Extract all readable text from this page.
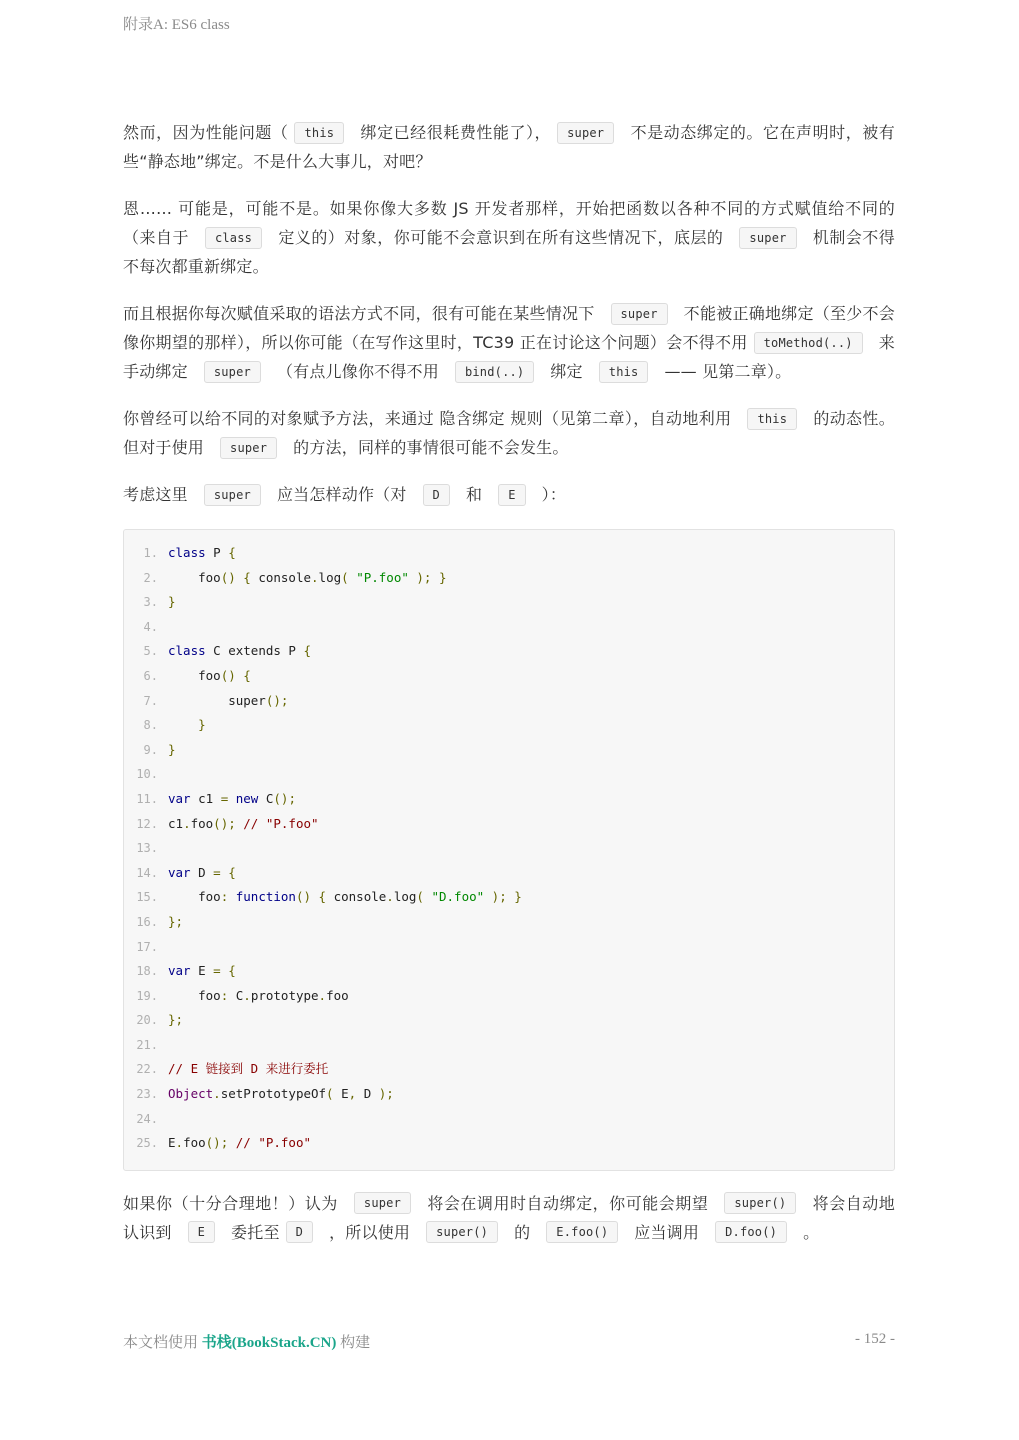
附录A: ES6 class

然而，因为性能问题（ this 绑定已经很耗费性能了）， super 不是动态绑定的。它在声明时，被有些“静态地”绑定。不是什么大事儿，对吧？

恩…… 可能是，可能不是。如果你像大多数 JS 开发者那样，开始把函数以各种不同的方式赋值给不同的（来自于 class 定义的）对象，你可能不会意识到在所有这些情况下，底层的 super 机制会不得不每次都重新绑定。

而且根据你每次赋值采取的语法方式不同，很有可能在某些情况下 super 不能被正确地绑定（至少不会像你期望的那样），所以你可能（在写作这里时，TC39 正在讨论这个问题）会不得不用 toMethod(..) 来手动绑定 super （有点儿像你不得不用 bind(..) 绑定 this —— 见第二章）。

你曾经可以给不同的对象赋予方法，来通过 隐含绑定 规则（见第二章），自动地利用 this 的动态性。但对于使用 super 的方法，同样的事情很可能不会发生。

考虑这里 super 应当怎样动作（对 D 和 E ）：

1. class P {
2. foo() { console.log( "P.foo" ); }
3. }
4.
5. class C extends P {
6. foo() {
7. super();
8. }
9. }
10.
11. var c1 = new C();
12. c1.foo(); // "P.foo"
13.
14. var D = {
15. foo: function() { console.log( "D.foo" ); }
16. };
17.
18. var E = {
19. foo: C.prototype.foo
20. };
21.
22. // E 链接到 D 来进行委托
23. Object.setPrototypeOf( E, D );
24.
25. E.foo(); // "P.foo"

如果你（十分合理地！）认为 super 将会在调用时自动绑定，你可能会期望 super() 将会自动地认识到 E 委托至 D ，所以使用 super() 的 E.foo() 应当调用 D.foo() 。

本文档使用 书栈(BookStack.CN) 构建	- 152 -
